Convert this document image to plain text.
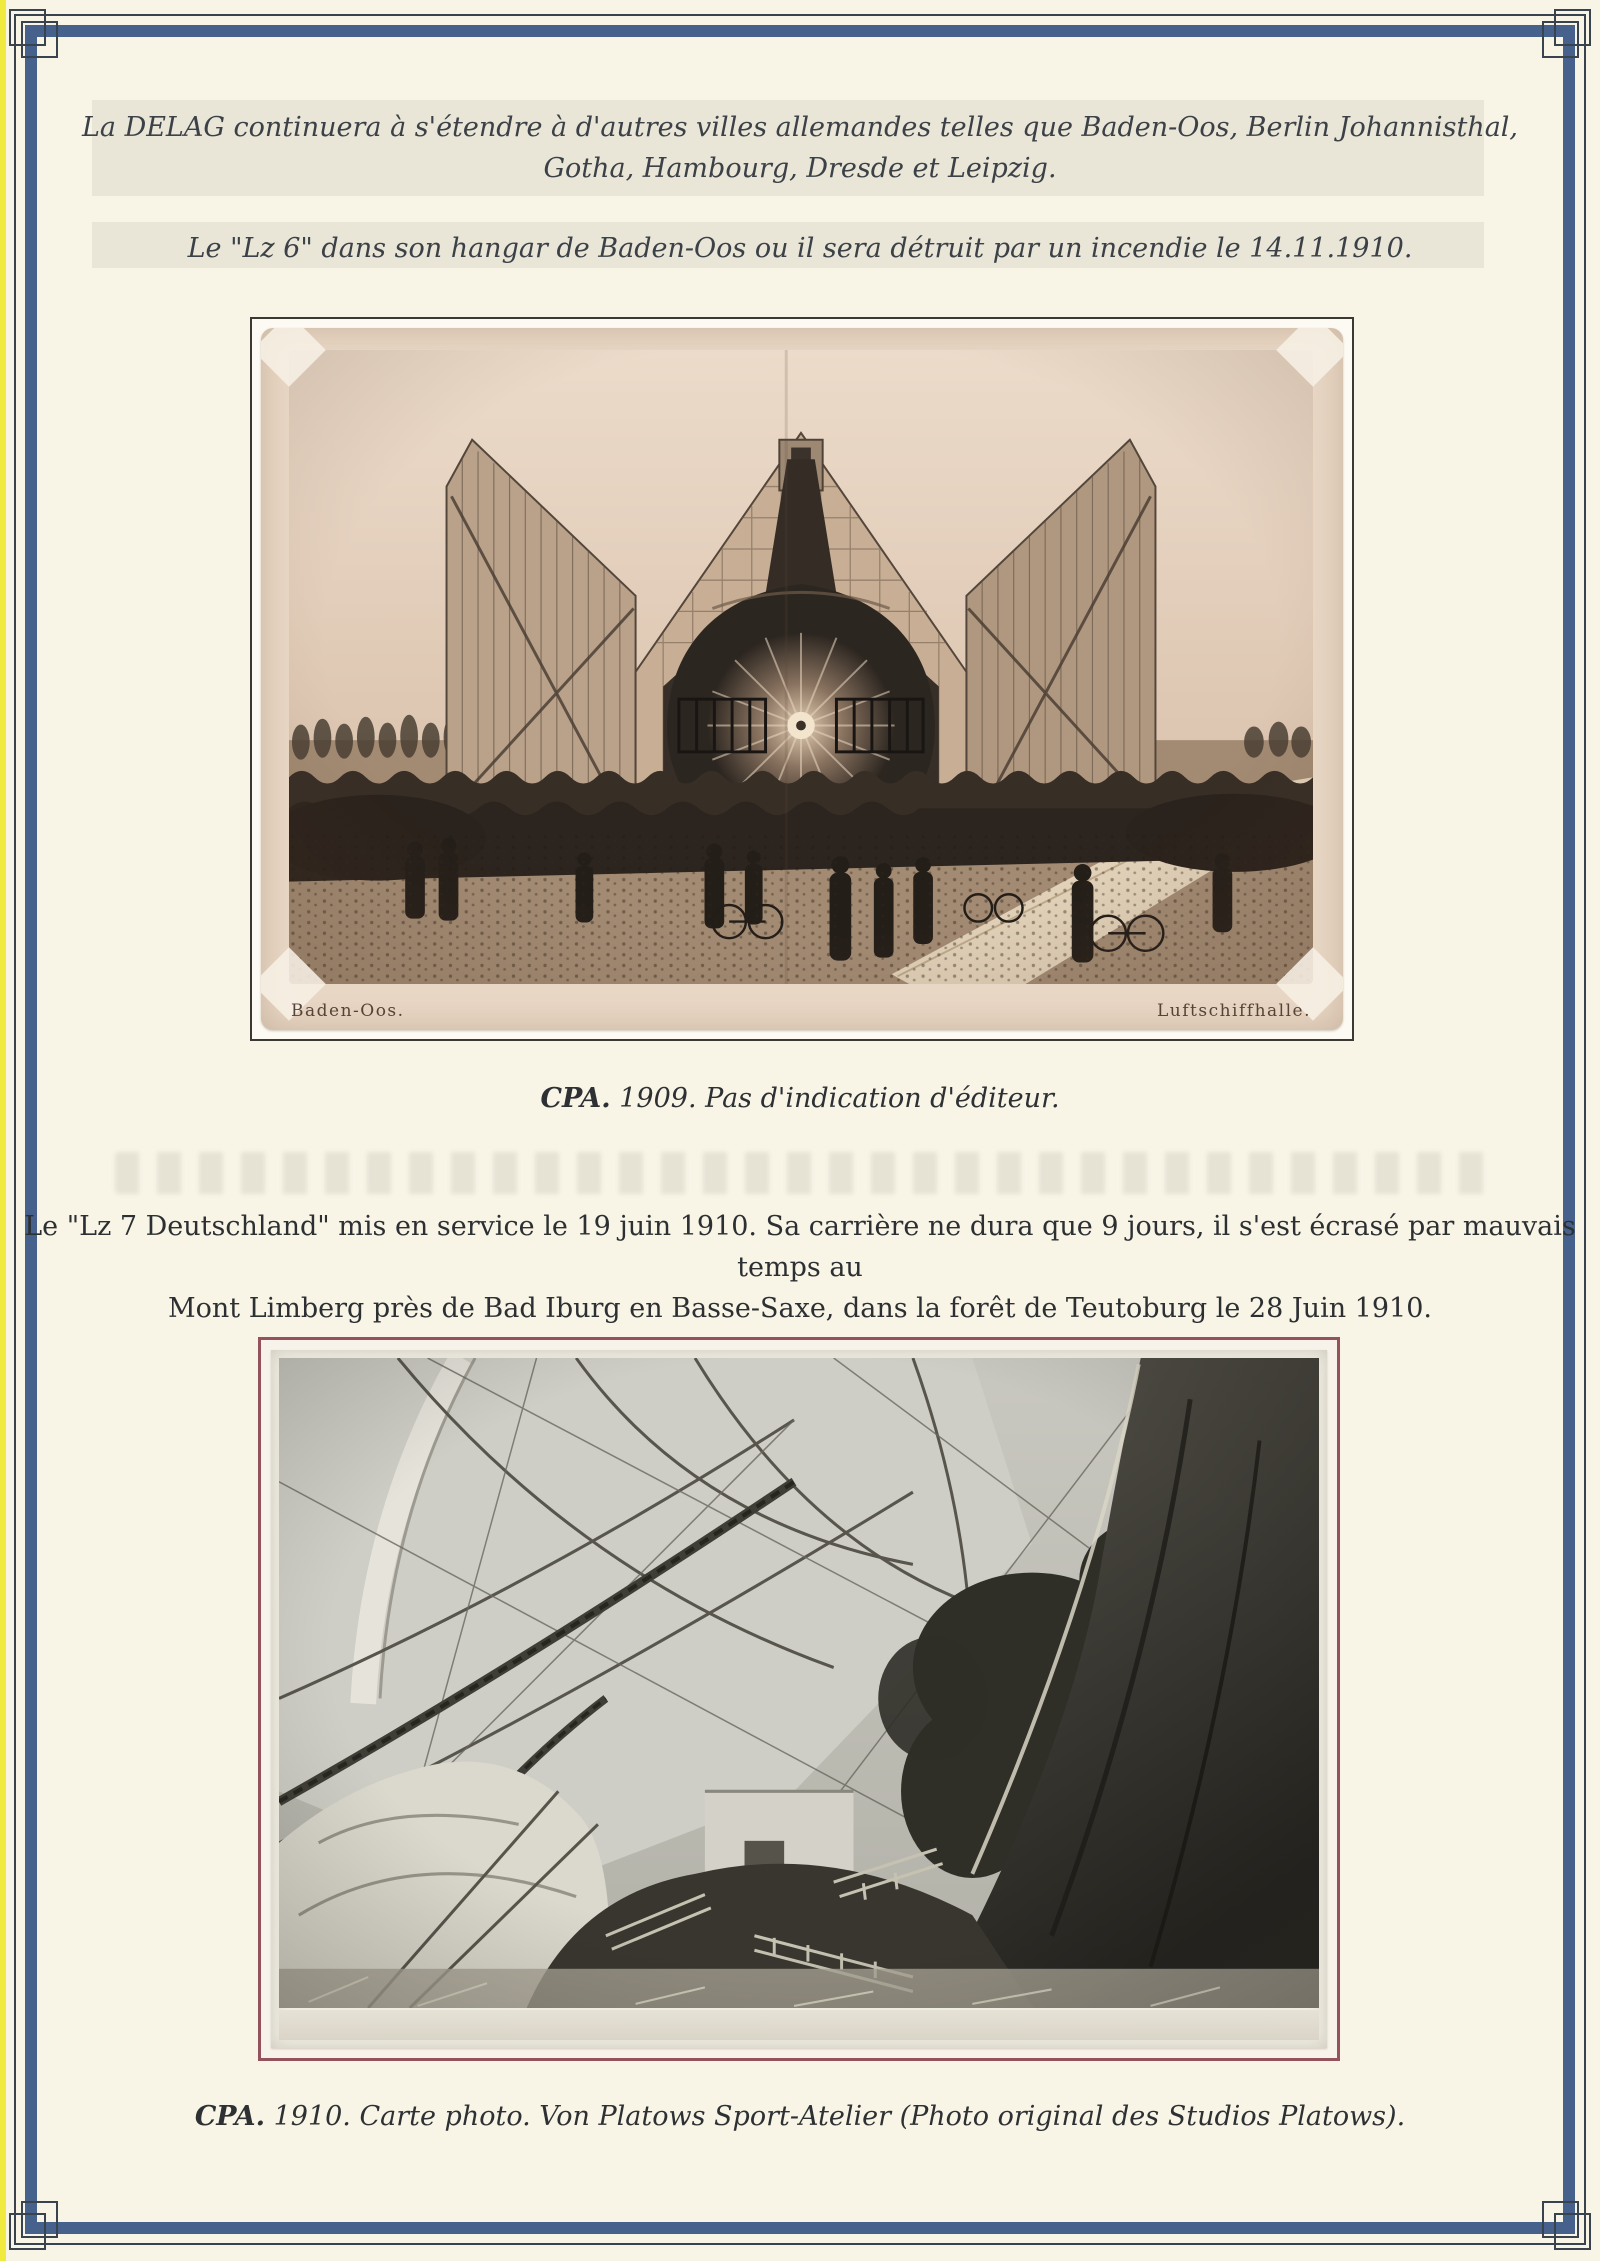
La DELAG continuera à s'étendre à d'autres villes allemandes telles que Baden-Oos, Berlin Johannisthal,
Gotha, Hambourg, Dresde et Leipzig.
Le "Lz 6" dans son hangar de Baden-Oos ou il sera détruit par un incendie le 14.11.1910.
Baden-Oos.	Luftschiffhalle.
CPA. 1909. Pas d'indication d'éditeur.
Le "Lz 7 Deutschland" mis en service le 19 juin 1910. Sa carrière ne dura que 9 jours, il s'est écrasé par mauvais temps au
Mont Limberg près de Bad Iburg en Basse-Saxe, dans la forêt de Teutoburg le 28 Juin 1910.
CPA. 1910. Carte photo. Von Platows Sport-Atelier (Photo original des Studios Platows).
